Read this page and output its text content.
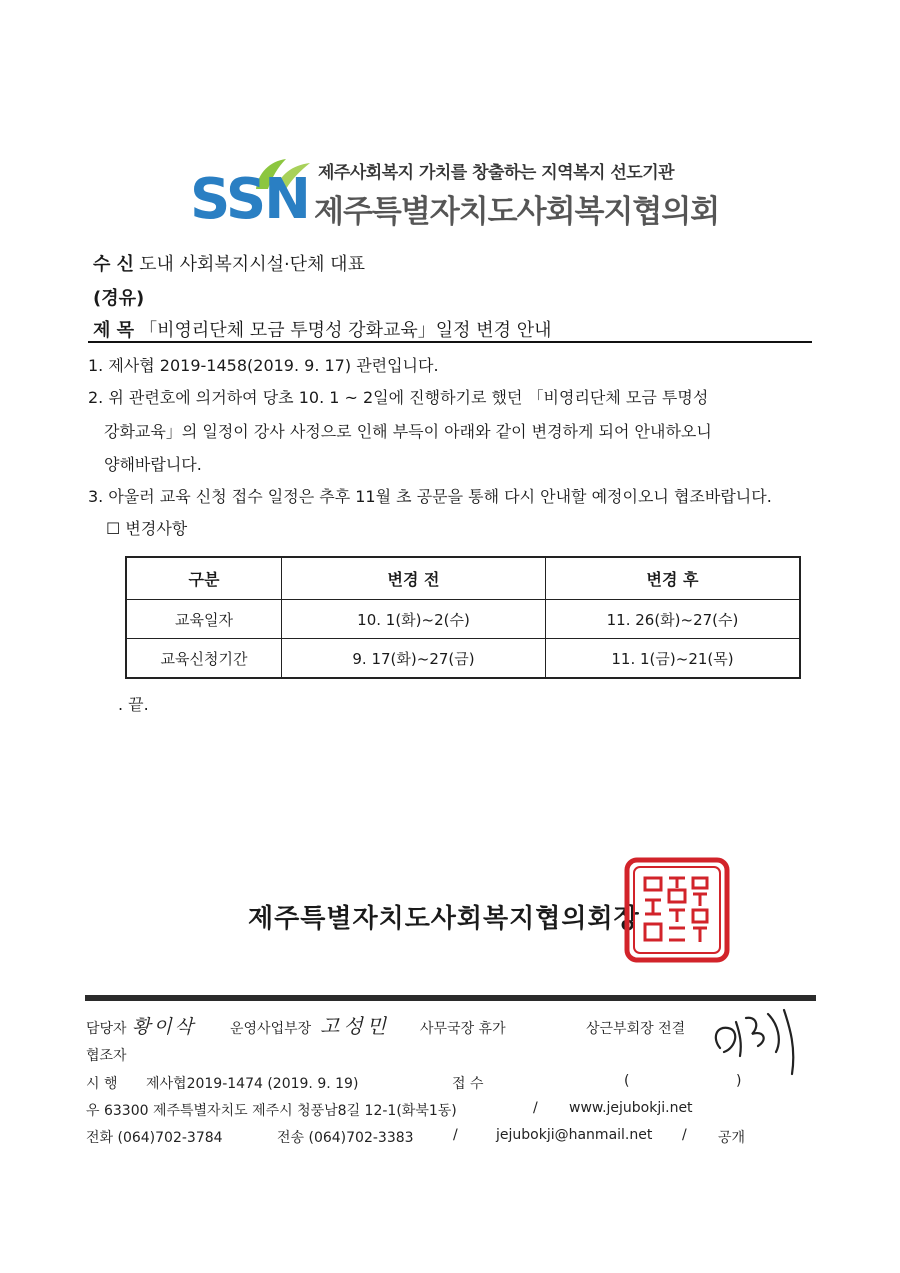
SSN 제주사회복지 가치를 창출하는 지역복지 선도기관
제주특별자치도사회복지협의회
수 신 도내 사회복지시설·단체 대표
(경유)
제 목 「비영리단체 모금 투명성 강화교육」일정 변경 안내
1. 제사협 2019-1458(2019. 9. 17) 관련입니다.
2. 위 관련호에 의거하여 당초 10. 1 ~ 2일에 진행하기로 했던 「비영리단체 모금 투명성
강화교육」의 일정이 강사 사정으로 인해 부득이 아래와 같이 변경하게 되어 안내하오니
양해바랍니다.
3. 아울러 교육 신청 접수 일정은 추후 11월 초 공문을 통해 다시 안내할 예정이오니 협조바랍니다.
☐ 변경사항
구분	변경 전	변경 후
교육일자	10. 1(화)~2(수)	11. 26(화)~27(수)
교육신청기간	9. 17(화)~27(금)	11. 1(금)~21(목)
. 끝.
제주특별자치도사회복지협의회장
담당자 황이삭	운영사업부장 고성민	사무국장 휴가	상근부회장 전결
협조자
시 행 제사협2019-1474 (2019. 9. 19)	접 수	(	)
우 63300 제주특별자치도 제주시 청풍남8길 12-1(화북1동)	/ www.jejubokji.net
전화 (064)702-3784	전송 (064)702-3383	/	jejubokji@hanmail.net / 공개
